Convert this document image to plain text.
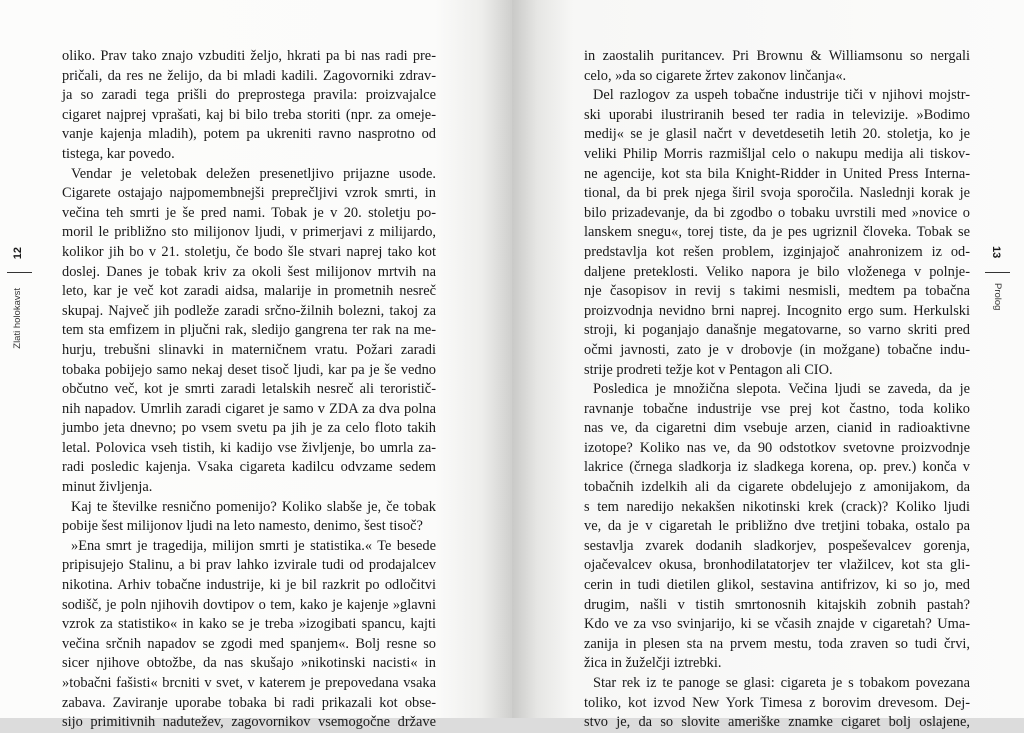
12
Zlati holokavst
oliko. Prav tako znajo vzbuditi željo, hkrati pa bi nas radi pre-
pričali, da res ne želijo, da bi mladi kadili. Zagovorniki zdrav-
ja so zaradi tega prišli do preprostega pravila: proizvajalce
cigaret najprej vprašati, kaj bi bilo treba storiti (npr. za omeje-
vanje kajenja mladih), potem pa ukreniti ravno nasprotno od
tistega, kar povedo.
Vendar je veletobak deležen presenetljivo prijazne usode.
Cigarete ostajajo najpomembnejši preprečljivi vzrok smrti, in
večina teh smrti je še pred nami. Tobak je v 20. stoletju po-
moril le približno sto milijonov ljudi, v primerjavi z milijardo,
kolikor jih bo v 21. stoletju, če bodo šle stvari naprej tako kot
doslej. Danes je tobak kriv za okoli šest milijonov mrtvih na
leto, kar je več kot zaradi aidsa, malarije in prometnih nesreč
skupaj. Največ jih podleže zaradi srčno-žilnih bolezni, takoj za
tem sta emfizem in pljučni rak, sledijo gangrena ter rak na me-
hurju, trebušni slinavki in materničnem vratu. Požari zaradi
tobaka pobijejo samo nekaj deset tisoč ljudi, kar pa je še vedno
občutno več, kot je smrti zaradi letalskih nesreč ali teroristič-
nih napadov. Umrlih zaradi cigaret je samo v ZDA za dva polna
jumbo jeta dnevno; po vsem svetu pa jih je za celo floto takih
letal. Polovica vseh tistih, ki kadijo vse življenje, bo umrla za-
radi posledic kajenja. Vsaka cigareta kadilcu odvzame sedem
minut življenja.
Kaj te številke resnično pomenijo? Koliko slabše je, če tobak
pobije šest milijonov ljudi na leto namesto, denimo, šest tisoč?
»Ena smrt je tragedija, milijon smrti je statistika.« Te besede
pripisujejo Stalinu, a bi prav lahko izvirale tudi od prodajalcev
nikotina. Arhiv tobačne industrije, ki je bil razkrit po odločitvi
sodišč, je poln njihovih dovtipov o tem, kako je kajenje »glavni
vzrok za statistiko« in kako se je treba »izogibati spancu, kajti
večina srčnih napadov se zgodi med spanjem«. Bolj resne so
sicer njihove obtožbe, da nas skušajo »nikotinski nacisti« in
»tobačni fašisti« brcniti v svet, v katerem je prepovedana vsaka
zabava. Zaviranje uporabe tobaka bi radi prikazali kot obse-
sijo primitivnih nadutežev, zagovornikov vsemogočne države
13
Prolog
in zaostalih puritancev. Pri Brownu & Williamsonu so nergali
celo, »da so cigarete žrtev zakonov linčanja«.
Del razlogov za uspeh tobačne industrije tiči v njihovi mojstr-
ski uporabi ilustriranih besed ter radia in televizije. »Bodimo
medij« se je glasil načrt v devetdesetih letih 20. stoletja, ko je
veliki Philip Morris razmišljal celo o nakupu medija ali tiskov-
ne agencije, kot sta bila Knight-Ridder in United Press Interna-
tional, da bi prek njega širil svoja sporočila. Naslednji korak je
bilo prizadevanje, da bi zgodbo o tobaku uvrstili med »novice o
lanskem snegu«, torej tiste, da je pes ugriznil človeka. Tobak se
predstavlja kot rešen problem, izginjajoč anahronizem iz od-
daljene preteklosti. Veliko napora je bilo vloženega v polnje-
nje časopisov in revij s takimi nesmisli, medtem pa tobačna
proizvodnja nevidno brni naprej. Incognito ergo sum. Herkulski
stroji, ki poganjajo današnje megatovarne, so varno skriti pred
očmi javnosti, zato je v drobovje (in možgane) tobačne indu-
strije prodreti težje kot v Pentagon ali CIO.
Posledica je množična slepota. Večina ljudi se zaveda, da je
ravnanje tobačne industrije vse prej kot častno, toda koliko
nas ve, da cigaretni dim vsebuje arzen, cianid in radioaktivne
izotope? Koliko nas ve, da 90 odstotkov svetovne proizvodnje
lakrice (črnega sladkorja iz sladkega korena, op. prev.) konča v
tobačnih izdelkih ali da cigarete obdelujejo z amonijakom, da
s tem naredijo nekakšen nikotinski krek (crack)? Koliko ljudi
ve, da je v cigaretah le približno dve tretjini tobaka, ostalo pa
sestavlja zvarek dodanih sladkorjev, pospeševalcev gorenja,
ojačevalcev okusa, bronhodilatatorjev ter vlažilcev, kot sta gli-
cerin in tudi dietilen glikol, sestavina antifrizov, ki so jo, med
drugim, našli v tistih smrtonosnih kitajskih zobnih pastah?
Kdo ve za vso svinjarijo, ki se včasih znajde v cigaretah? Uma-
zanija in plesen sta na prvem mestu, toda zraven so tudi črvi,
žica in žuželčji iztrebki.
Star rek iz te panoge se glasi: cigareta je s tobakom povezana
toliko, kot izvod New York Timesa z borovim drevesom. Dej-
stvo je, da so slovite ameriške znamke cigaret bolj oslajene,
